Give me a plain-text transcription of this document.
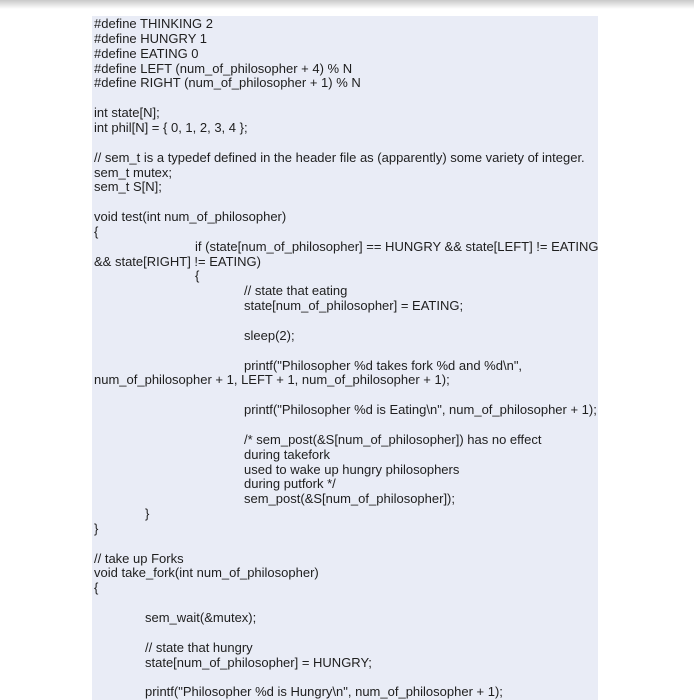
#define THINKING 2
#define HUNGRY 1
#define EATING 0
#define LEFT (num_of_philosopher + 4) % N
#define RIGHT (num_of_philosopher + 1) % N
int state[N];
int phil[N] = { 0, 1, 2, 3, 4 };
// sem_t is a typedef defined in the header file as (apparently) some variety of integer.
sem_t mutex;
sem_t S[N];
void test(int num_of_philosopher)
{
if (state[num_of_philosopher] == HUNGRY && state[LEFT] != EATING
&& state[RIGHT] != EATING)
{
// state that eating
state[num_of_philosopher] = EATING;
sleep(2);
printf("Philosopher %d takes fork %d and %d\n",
num_of_philosopher + 1, LEFT + 1, num_of_philosopher + 1);
printf("Philosopher %d is Eating\n", num_of_philosopher + 1);
/* sem_post(&S[num_of_philosopher]) has no effect
during takefork
used to wake up hungry philosophers
during putfork */
sem_post(&S[num_of_philosopher]);
}
}
// take up Forks
void take_fork(int num_of_philosopher)
{
sem_wait(&mutex);
// state that hungry
state[num_of_philosopher] = HUNGRY;
printf("Philosopher %d is Hungry\n", num_of_philosopher + 1);
